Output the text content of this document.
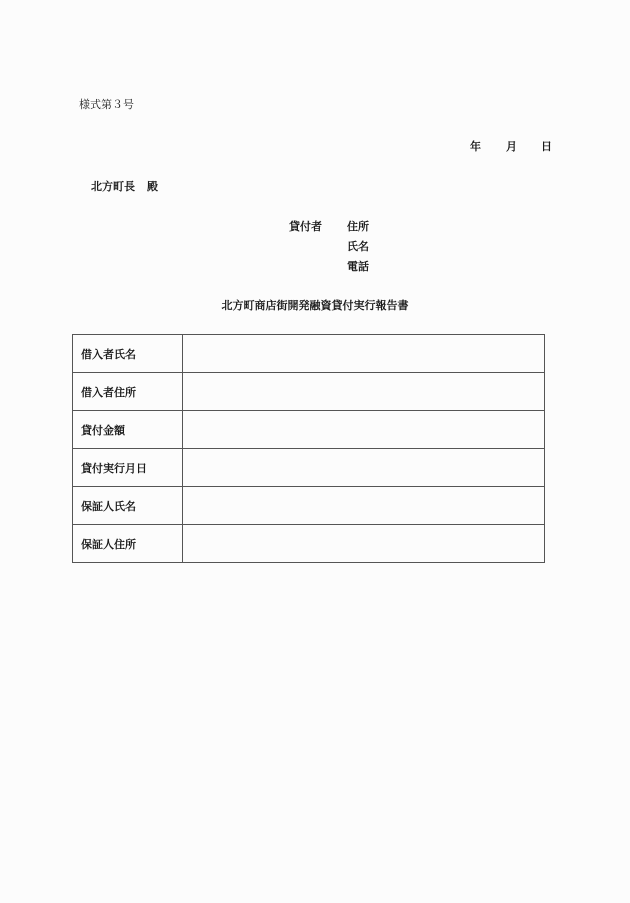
様式第３号
年 月 日
北方町長 殿
貸付者 住所
氏名
電話
北方町商店街開発融資貸付実行報告書
借入者氏名	
借入者住所	
貸付金額	
貸付実行月日	
保証人氏名	
保証人住所	
